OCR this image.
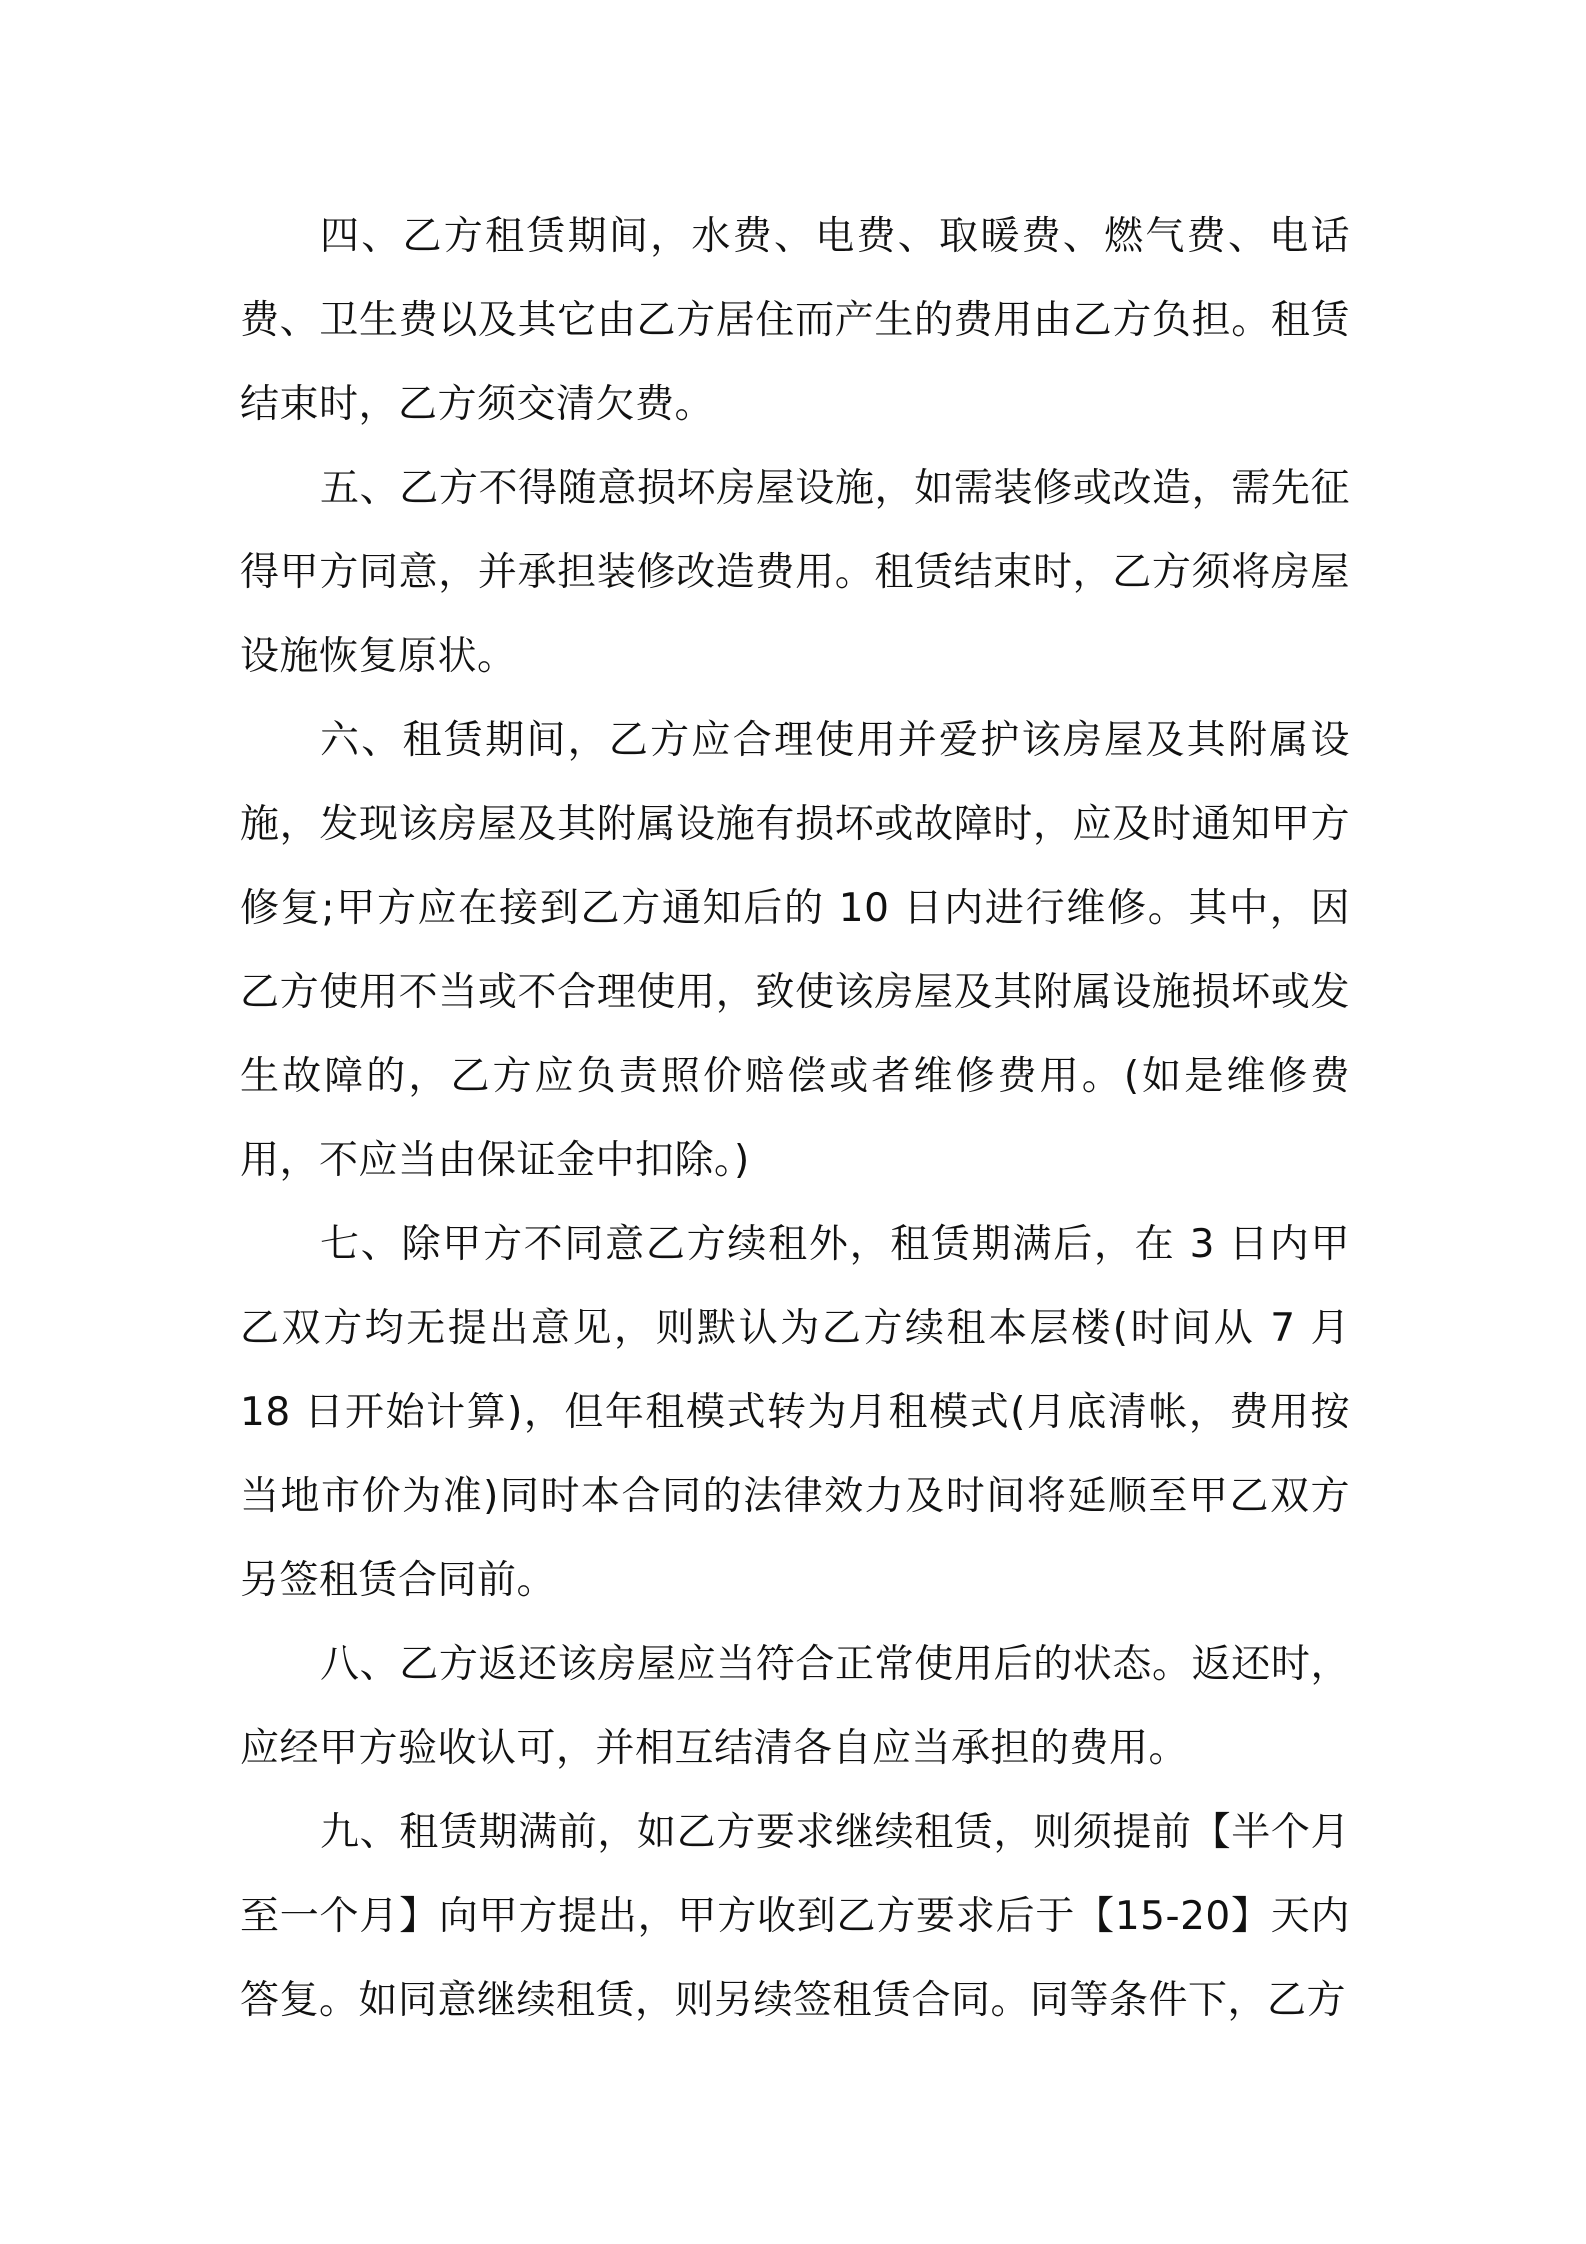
四、乙方租赁期间，水费、电费、取暖费、燃气费、电话费、卫生费以及其它由乙方居住而产生的费用由乙方负担。租赁结束时，乙方须交清欠费。

五、乙方不得随意损坏房屋设施，如需装修或改造，需先征得甲方同意，并承担装修改造费用。租赁结束时，乙方须将房屋设施恢复原状。

六、租赁期间，乙方应合理使用并爱护该房屋及其附属设施，发现该房屋及其附属设施有损坏或故障时，应及时通知甲方修复;甲方应在接到乙方通知后的 10 日内进行维修。其中，因乙方使用不当或不合理使用，致使该房屋及其附属设施损坏或发生故障的，乙方应负责照价赔偿或者维修费用。(如是维修费用，不应当由保证金中扣除。)

七、除甲方不同意乙方续租外，租赁期满后，在 3 日内甲乙双方均无提出意见，则默认为乙方续租本层楼(时间从 7 月 18 日开始计算)，但年租模式转为月租模式(月底清帐，费用按当地市价为准)同时本合同的法律效力及时间将延顺至甲乙双方另签租赁合同前。

八、乙方返还该房屋应当符合正常使用后的状态。返还时，应经甲方验收认可，并相互结清各自应当承担的费用。

九、租赁期满前，如乙方要求继续租赁，则须提前【半个月至一个月】向甲方提出，甲方收到乙方要求后于【15-20】天内答复。如同意继续租赁，则另续签租赁合同。同等条件下，乙方
